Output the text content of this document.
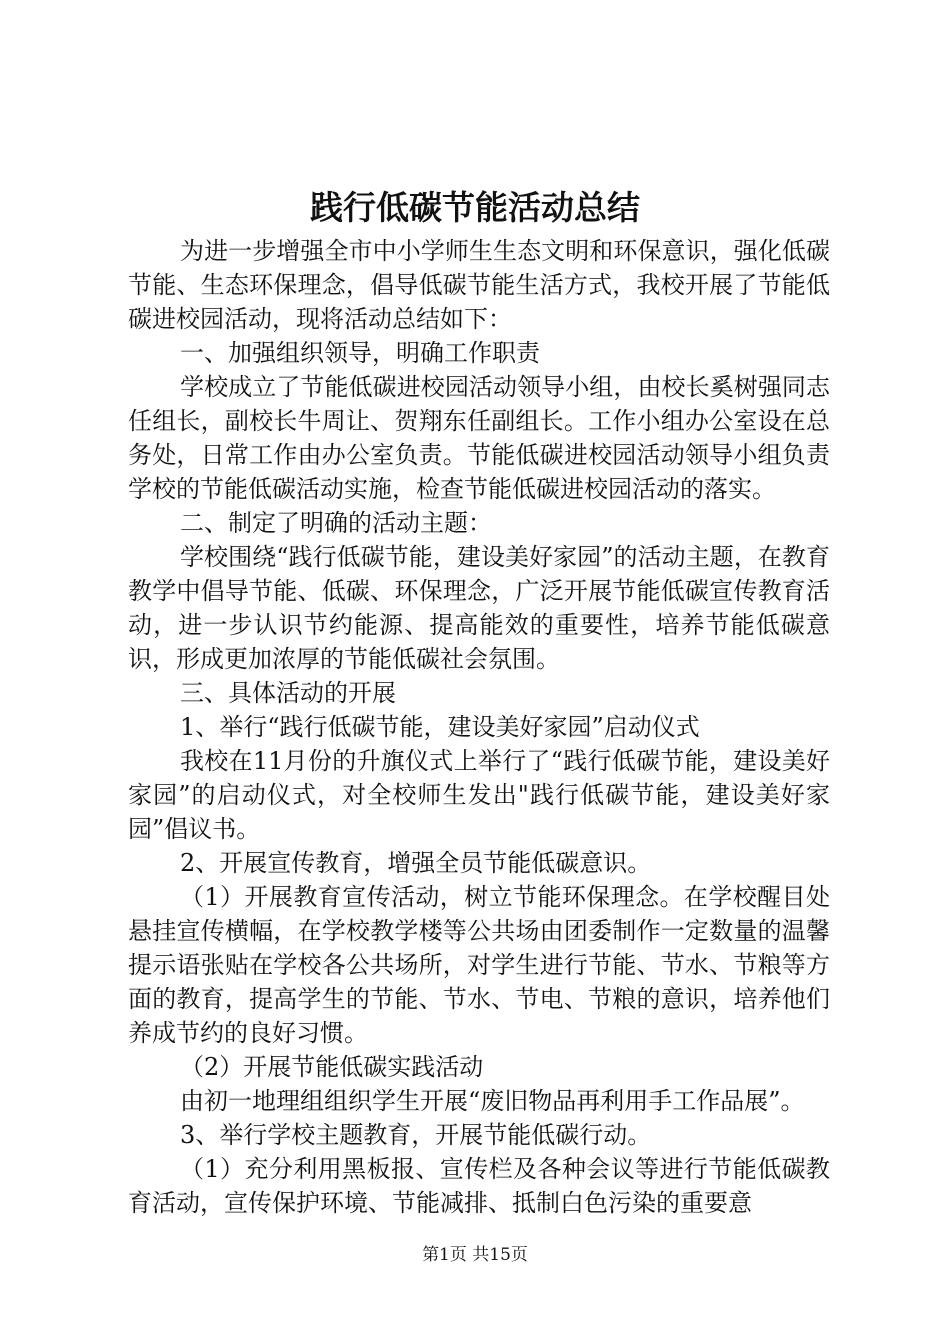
践行低碳节能活动总结

为进一步增强全市中小学师生生态文明和环保意识，强化低碳节能、生态环保理念，倡导低碳节能生活方式，我校开展了节能低碳进校园活动，现将活动总结如下：

一、加强组织领导，明确工作职责

学校成立了节能低碳进校园活动领导小组，由校长奚树强同志任组长，副校长牛周让、贺翔东任副组长。工作小组办公室设在总务处，日常工作由办公室负责。节能低碳进校园活动领导小组负责学校的节能低碳活动实施，检查节能低碳进校园活动的落实。

二、制定了明确的活动主题：

学校围绕“践行低碳节能，建设美好家园”的活动主题，在教育教学中倡导节能、低碳、环保理念，广泛开展节能低碳宣传教育活动，进一步认识节约能源、提高能效的重要性，培养节能低碳意识，形成更加浓厚的节能低碳社会氛围。

三、具体活动的开展

1、举行“践行低碳节能，建设美好家园”启动仪式

我校在11月份的升旗仪式上举行了“践行低碳节能，建设美好家园”的启动仪式，对全校师生发出"践行低碳节能，建设美好家园”倡议书。

2、开展宣传教育，增强全员节能低碳意识。

（1）开展教育宣传活动，树立节能环保理念。在学校醒目处悬挂宣传横幅，在学校教学楼等公共场由团委制作一定数量的温馨提示语张贴在学校各公共场所，对学生进行节能、节水、节粮等方面的教育，提高学生的节能、节水、节电、节粮的意识，培养他们养成节约的良好习惯。

（2）开展节能低碳实践活动

由初一地理组组织学生开展“废旧物品再利用手工作品展”。

3、举行学校主题教育，开展节能低碳行动。

（1）充分利用黑板报、宣传栏及各种会议等进行节能低碳教育活动，宣传保护环境、节能减排、抵制白色污染的重要意

第1页 共15页
